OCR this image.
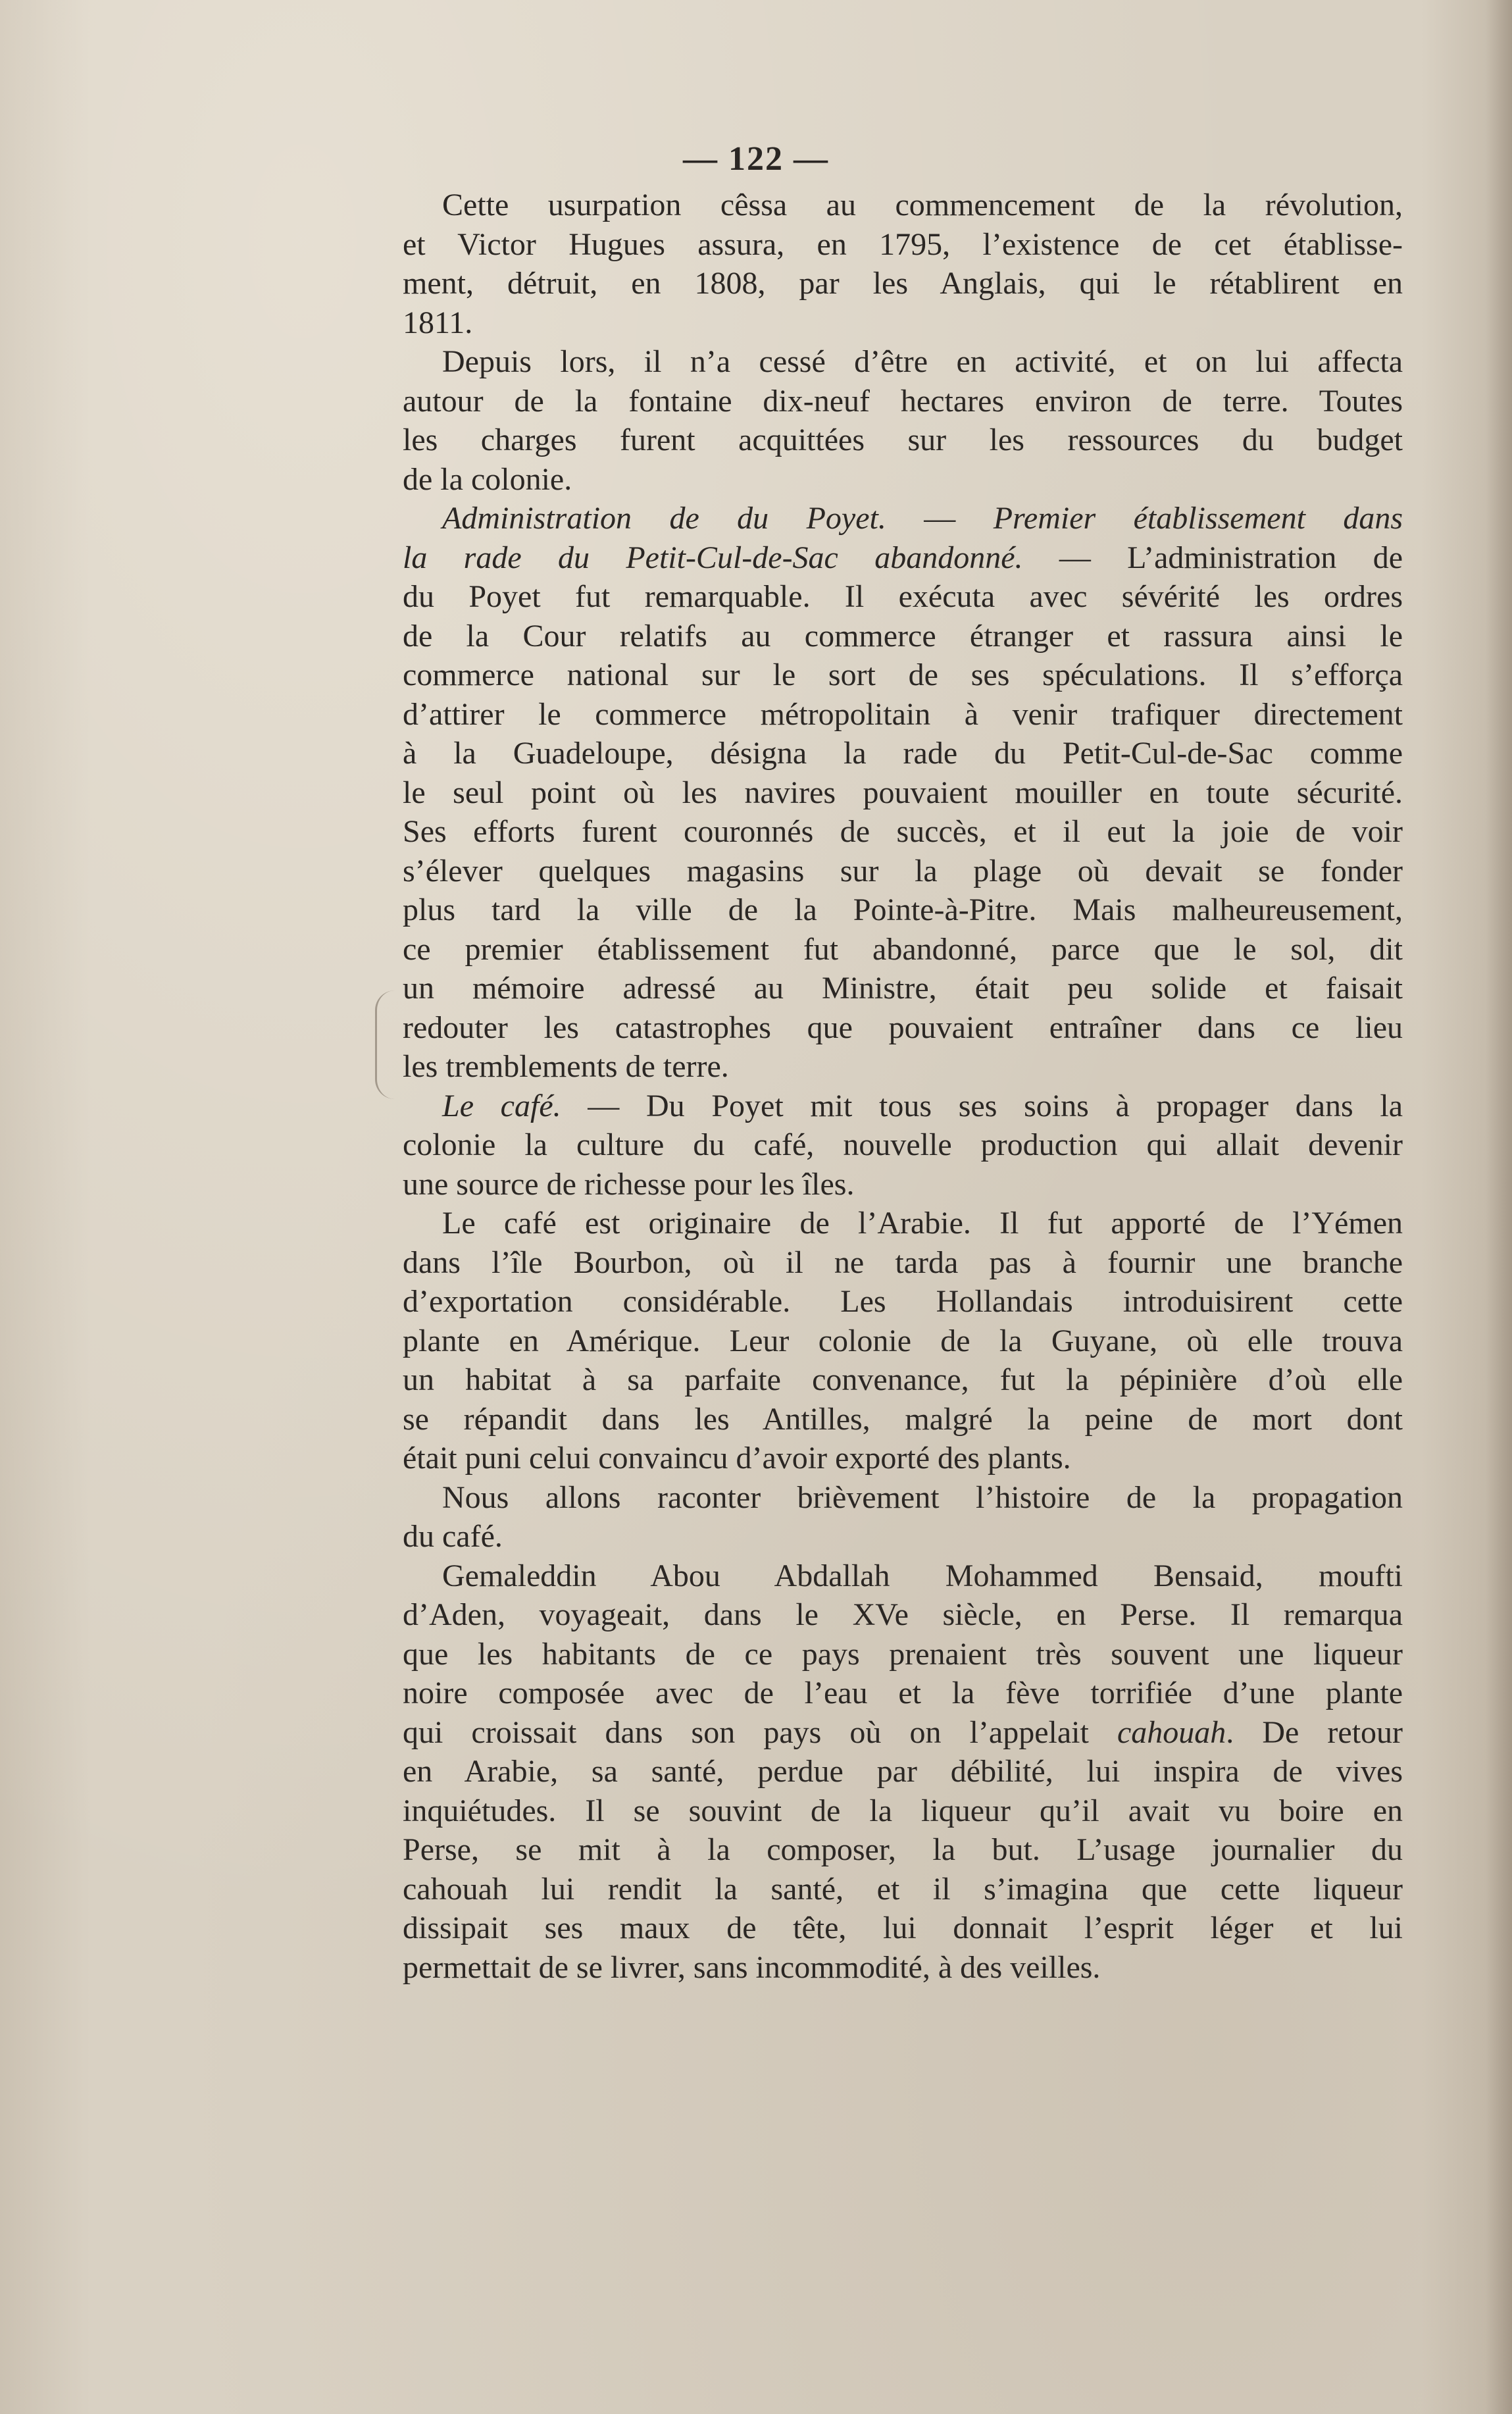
— 122 —
Cette usurpation cêssa au commencement de la révolution,
et Victor Hugues assura, en 1795, l’existence de cet établisse-
ment, détruit, en 1808, par les Anglais, qui le rétablirent en
1811.
Depuis lors, il n’a cessé d’être en activité, et on lui affecta
autour de la fontaine dix-neuf hectares environ de terre. Toutes
les charges furent acquittées sur les ressources du budget
de la colonie.
Administration de du Poyet. — Premier établissement dans
la rade du Petit-Cul-de-Sac abandonné. — L’administration de
du Poyet fut remarquable. Il exécuta avec sévérité les ordres
de la Cour relatifs au commerce étranger et rassura ainsi le
commerce national sur le sort de ses spéculations. Il s’efforça
d’attirer le commerce métropolitain à venir trafiquer directement
à la Guadeloupe, désigna la rade du Petit-Cul-de-Sac comme
le seul point où les navires pouvaient mouiller en toute sécurité.
Ses efforts furent couronnés de succès, et il eut la joie de voir
s’élever quelques magasins sur la plage où devait se fonder
plus tard la ville de la Pointe-à-Pitre. Mais malheureusement,
ce premier établissement fut abandonné, parce que le sol, dit
un mémoire adressé au Ministre, était peu solide et faisait
redouter les catastrophes que pouvaient entraîner dans ce lieu
les tremblements de terre.
Le café. — Du Poyet mit tous ses soins à propager dans la
colonie la culture du café, nouvelle production qui allait devenir
une source de richesse pour les îles.
Le café est originaire de l’Arabie. Il fut apporté de l’Yémen
dans l’île Bourbon, où il ne tarda pas à fournir une branche
d’exportation considérable. Les Hollandais introduisirent cette
plante en Amérique. Leur colonie de la Guyane, où elle trouva
un habitat à sa parfaite convenance, fut la pépinière d’où elle
se répandit dans les Antilles, malgré la peine de mort dont
était puni celui convaincu d’avoir exporté des plants.
Nous allons raconter brièvement l’histoire de la propagation
du café.
Gemaleddin Abou Abdallah Mohammed Bensaid, moufti
d’Aden, voyageait, dans le XVe siècle, en Perse. Il remarqua
que les habitants de ce pays prenaient très souvent une liqueur
noire composée avec de l’eau et la fève torrifiée d’une plante
qui croissait dans son pays où on l’appelait cahouah. De retour
en Arabie, sa santé, perdue par débilité, lui inspira de vives
inquiétudes. Il se souvint de la liqueur qu’il avait vu boire en
Perse, se mit à la composer, la but. L’usage journalier du
cahouah lui rendit la santé, et il s’imagina que cette liqueur
dissipait ses maux de tête, lui donnait l’esprit léger et lui
permettait de se livrer, sans incommodité, à des veilles.
